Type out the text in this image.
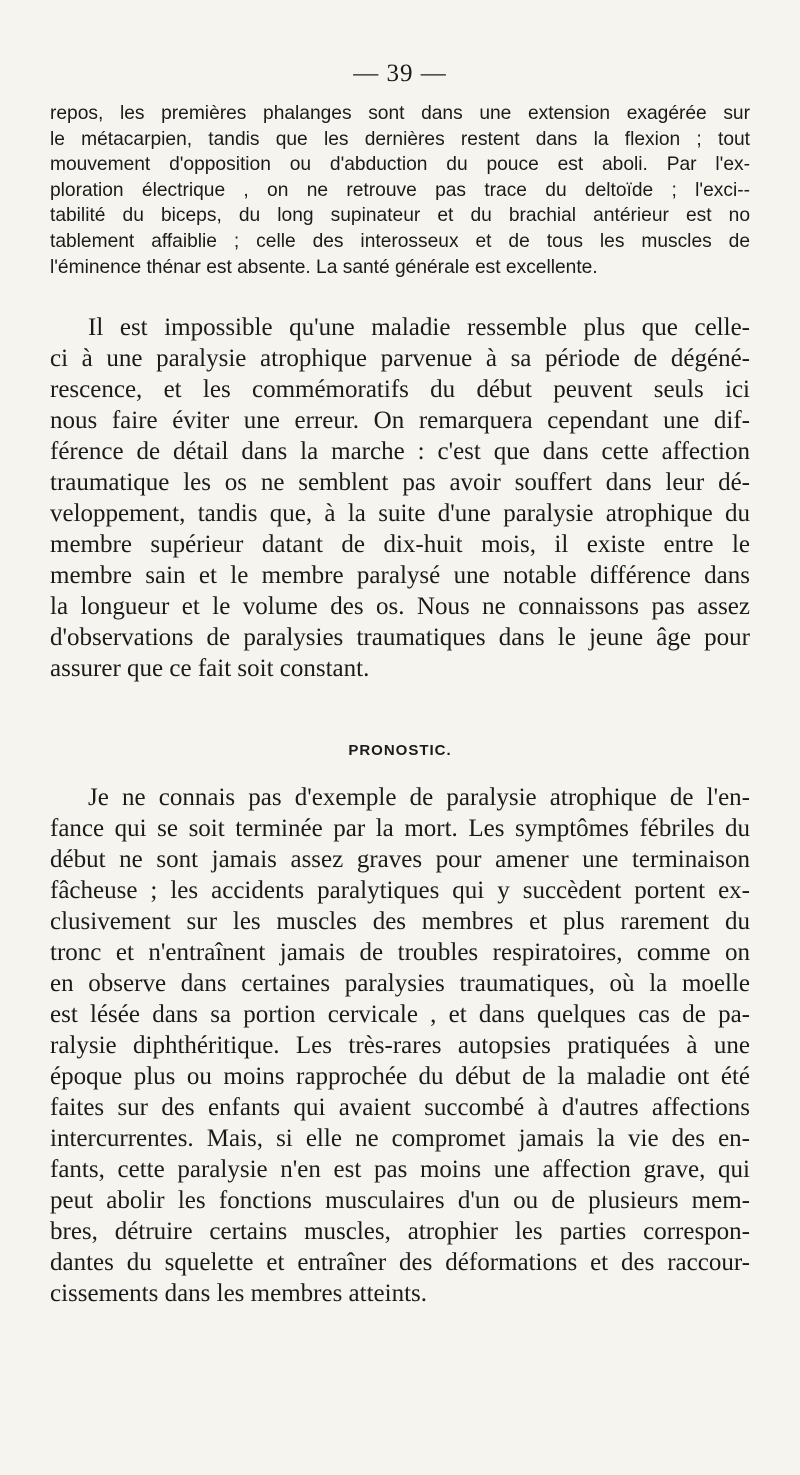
— 39 —
repos, les premières phalanges sont dans une extension exagérée sur
le métacarpien, tandis que les dernières restent dans la flexion ; tout
mouvement d'opposition ou d'abduction du pouce est aboli. Par l'ex-
ploration électrique , on ne retrouve pas trace du deltoïde ; l'exci--
tabilité du biceps, du long supinateur et du brachial antérieur est no
tablement affaiblie ; celle des interosseux et de tous les muscles de
l'éminence thénar est absente. La santé générale est excellente.
Il est impossible qu'une maladie ressemble plus que celle-
ci à une paralysie atrophique parvenue à sa période de dégéné-
rescence, et les commémoratifs du début peuvent seuls ici
nous faire éviter une erreur. On remarquera cependant une dif-
férence de détail dans la marche : c'est que dans cette affection
traumatique les os ne semblent pas avoir souffert dans leur dé-
veloppement, tandis que, à la suite d'une paralysie atrophique du
membre supérieur datant de dix-huit mois, il existe entre le
membre sain et le membre paralysé une notable différence dans
la longueur et le volume des os. Nous ne connaissons pas assez
d'observations de paralysies traumatiques dans le jeune âge pour
assurer que ce fait soit constant.
PRONOSTIC.
Je ne connais pas d'exemple de paralysie atrophique de l'en-
fance qui se soit terminée par la mort. Les symptômes fébriles du
début ne sont jamais assez graves pour amener une terminaison
fâcheuse ; les accidents paralytiques qui y succèdent portent ex-
clusivement sur les muscles des membres et plus rarement du
tronc et n'entraînent jamais de troubles respiratoires, comme on
en observe dans certaines paralysies traumatiques, où la moelle
est lésée dans sa portion cervicale , et dans quelques cas de pa-
ralysie diphthéritique. Les très-rares autopsies pratiquées à une
époque plus ou moins rapprochée du début de la maladie ont été
faites sur des enfants qui avaient succombé à d'autres affections
intercurrentes. Mais, si elle ne compromet jamais la vie des en-
fants, cette paralysie n'en est pas moins une affection grave, qui
peut abolir les fonctions musculaires d'un ou de plusieurs mem-
bres, détruire certains muscles, atrophier les parties correspon-
dantes du squelette et entraîner des déformations et des raccour-
cissements dans les membres atteints.
